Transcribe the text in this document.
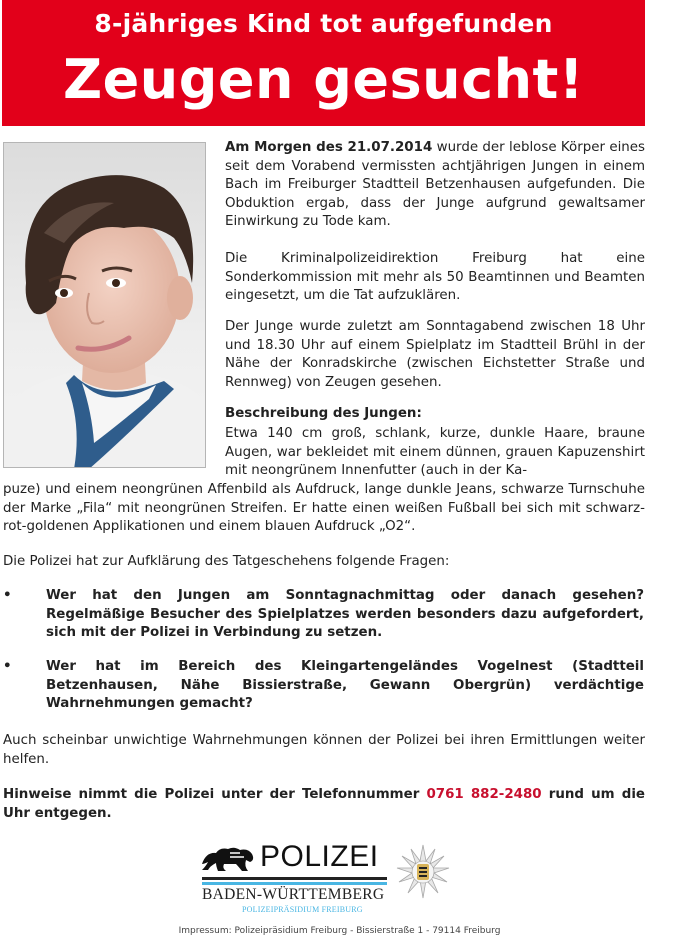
8-jähriges Kind tot aufgefunden
Zeugen gesucht!
Am Morgen des 21.07.2014 wurde der leblose Körper eines seit dem Vorabend vermissten achtjährigen Jungen in einem Bach im Freiburger Stadtteil Betzenhausen aufgefunden. Die Obduktion ergab, dass der Junge aufgrund gewaltsamer Einwirkung zu Tode kam.
Die Kriminalpolizeidirektion Freiburg hat eine Sonderkommission mit mehr als 50 Beamtinnen und Beamten eingesetzt, um die Tat aufzuklären.
Der Junge wurde zuletzt am Sonntagabend zwischen 18 Uhr und 18.30 Uhr auf einem Spielplatz im Stadtteil Brühl in der Nähe der Konradskirche (zwischen Eichstetter Straße und Rennweg) von Zeugen gesehen.
Beschreibung des Jungen:
Etwa 140 cm groß, schlank, kurze, dunkle Haare, braune Augen, war bekleidet mit einem dünnen, grauen Kapuzenshirt mit neongrünem Innenfutter (auch in der Ka-
puze) und einem neongrünen Affenbild als Aufdruck, lange dunkle Jeans, schwarze Turnschuhe der Marke „Fila“ mit neongrünen Streifen. Er hatte einen weißen Fußball bei sich mit schwarz-rot-goldenen Applikationen und einem blauen Aufdruck „O2“.
Die Polizei hat zur Aufklärung des Tatgeschehens folgende Fragen:
•	Wer hat den Jungen am Sonntagnachmittag oder danach gesehen? Regelmäßige Besucher des Spielplatzes werden besonders dazu aufgefordert, sich mit der Polizei in Verbindung zu setzen.
•	Wer hat im Bereich des Kleingartengeländes Vogelnest (Stadtteil Betzenhausen, Nähe Bissierstraße, Gewann Obergrün) verdächtige Wahrnehmungen gemacht?
Auch scheinbar unwichtige Wahrnehmungen können der Polizei bei ihren Ermittlungen weiter helfen.
Hinweise nimmt die Polizei unter der Telefonnummer 0761 882-2480 rund um die Uhr entgegen.
POLIZEI
BADEN-WÜRTTEMBERG
POLIZEIPRÄSIDIUM FREIBURG
Impressum: Polizeipräsidium Freiburg - Bissierstraße 1 - 79114 Freiburg
